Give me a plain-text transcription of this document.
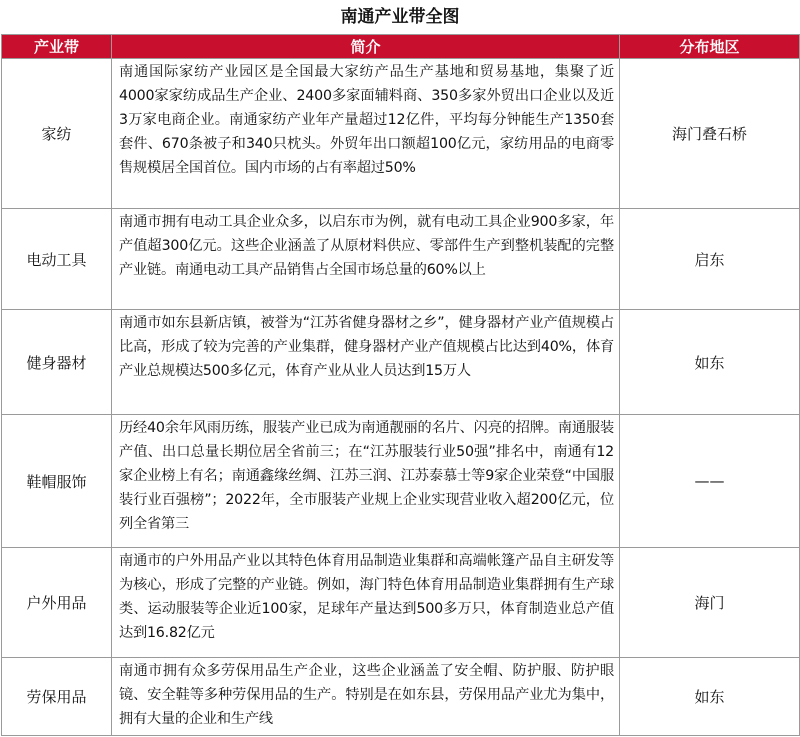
南通产业带全图
产业带	简介	分布地区
家纺	南通国际家纺产业园区是全国最大家纺产品生产基地和贸易基地，集聚了近4000家家纺成品生产企业、2400多家面辅料商、350多家外贸出口企业以及近3万家电商企业。南通家纺产业年产量超过12亿件，平均每分钟能生产1350套套件、670条被子和340只枕头。外贸年出口额超100亿元，家纺用品的电商零售规模居全国首位。国内市场的占有率超过50%	海门叠石桥
电动工具	南通市拥有电动工具企业众多，以启东市为例，就有电动工具企业900多家，年产值超300亿元。这些企业涵盖了从原材料供应、零部件生产到整机装配的完整产业链。南通电动工具产品销售占全国市场总量的60%以上	启东
健身器材	南通市如东县新店镇，被誉为“江苏省健身器材之乡”，健身器材产业产值规模占比高，形成了较为完善的产业集群，健身器材产业产值规模占比达到40%，体育产业总规模达500多亿元，体育产业从业人员达到15万人	如东
鞋帽服饰	历经40余年风雨历练，服装产业已成为南通靓丽的名片、闪亮的招牌。南通服装产值、出口总量长期位居全省前三；在“江苏服装行业50强”排名中，南通有12家企业榜上有名；南通鑫缘丝绸、江苏三润、江苏泰慕士等9家企业荣登“中国服装行业百强榜”；2022年，全市服装产业规上企业实现营业收入超200亿元，位列全省第三	——
户外用品	南通市的户外用品产业以其特色体育用品制造业集群和高端帐篷产品自主研发等为核心，形成了完整的产业链。例如，海门特色体育用品制造业集群拥有生产球类、运动服装等企业近100家，足球年产量达到500多万只，体育制造业总产值达到16.82亿元	海门
劳保用品	南通市拥有众多劳保用品生产企业，这些企业涵盖了安全帽、防护服、防护眼镜、安全鞋等多种劳保用品的生产。特别是在如东县，劳保用品产业尤为集中，拥有大量的企业和生产线	如东
